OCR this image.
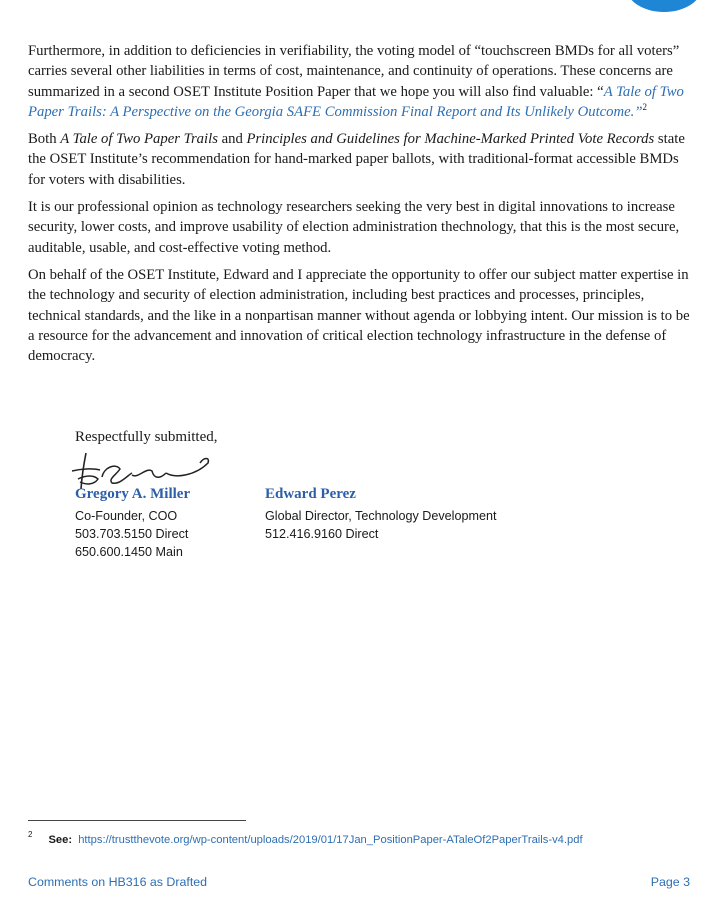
Furthermore, in addition to deficiencies in verifiability, the voting model of “touchscreen BMDs for all voters” carries several other liabilities in terms of cost, maintenance, and continuity of operations. These concerns are summarized in a second OSET Institute Position Paper that we hope you will also find valuable: “A Tale of Two Paper Trails: A Perspective on the Georgia SAFE Commission Final Report and Its Unlikely Outcome.”$^2$

Both A Tale of Two Paper Trails and Principles and Guidelines for Machine-Marked Printed Vote Records state the OSET Institute’s recommendation for hand-marked paper ballots, with traditional-format accessible BMDs for voters with disabilities.

It is our professional opinion as technology researchers seeking the very best in digital innovations to increase security, lower costs, and improve usability of election administration thechnology, that this is the most secure, auditable, usable, and cost-effective voting method.

On behalf of the OSET Institute, Edward and I appreciate the opportunity to offer our subject matter expertise in the technology and security of election administration, including best practices and processes, principles, technical standards, and the like in a nonpartisan manner without agenda or lobbying intent. Our mission is to be a resource for the advancement and innovation of critical election technology infrastructure in the defense of democracy.

Respectfully submitted,
Gregory A. Miller
Co-Founder, COO
503.703.5150 Direct
650.600.1450 Main
Edward Perez
Global Director, Technology Development
512.416.9160 Direct
$^2$ See: https://trustthevote.org/wp-content/uploads/2019/01/17Jan_PositionPaper-ATaleOf2PaperTrails-v4.pdf
Comments on HB316 as Drafted	Page 3
